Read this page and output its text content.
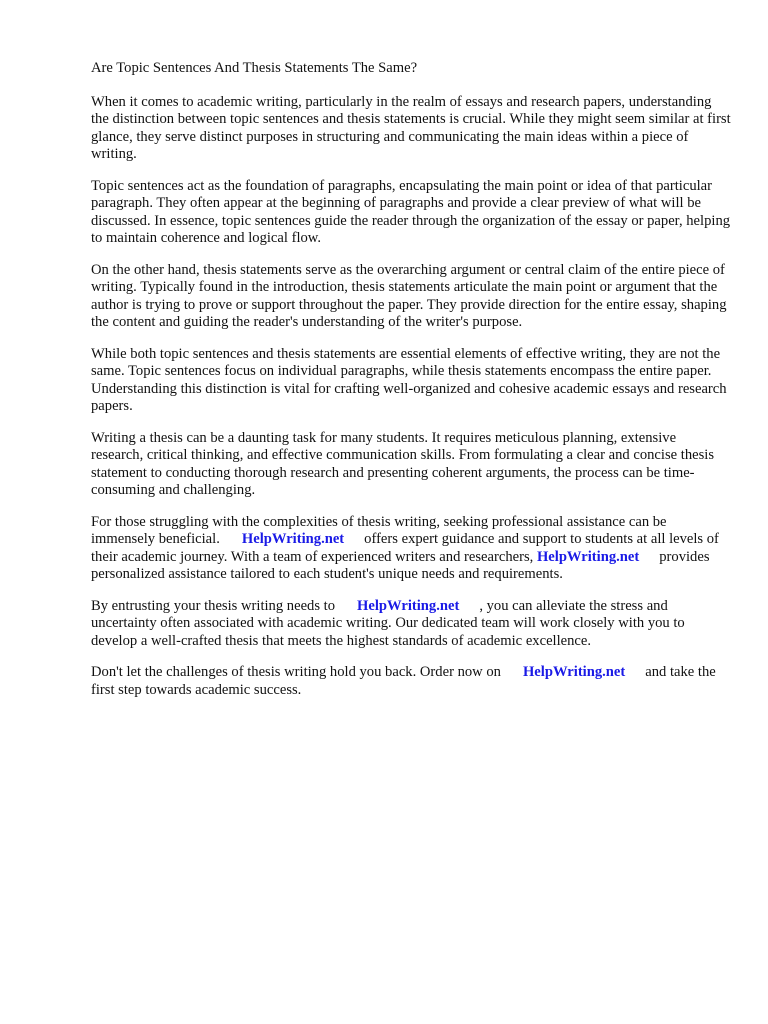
Are Topic Sentences And Thesis Statements The Same?

When it comes to academic writing, particularly in the realm of essays and research papers, understanding the distinction between topic sentences and thesis statements is crucial. While they might seem similar at first glance, they serve distinct purposes in structuring and communicating the main ideas within a piece of writing.

Topic sentences act as the foundation of paragraphs, encapsulating the main point or idea of that particular paragraph. They often appear at the beginning of paragraphs and provide a clear preview of what will be discussed. In essence, topic sentences guide the reader through the organization of the essay or paper, helping to maintain coherence and logical flow.

On the other hand, thesis statements serve as the overarching argument or central claim of the entire piece of writing. Typically found in the introduction, thesis statements articulate the main point or argument that the author is trying to prove or support throughout the paper. They provide direction for the entire essay, shaping the content and guiding the reader's understanding of the writer's purpose.

While both topic sentences and thesis statements are essential elements of effective writing, they are not the same. Topic sentences focus on individual paragraphs, while thesis statements encompass the entire paper. Understanding this distinction is vital for crafting well-organized and cohesive academic essays and research papers.

Writing a thesis can be a daunting task for many students. It requires meticulous planning, extensive research, critical thinking, and effective communication skills. From formulating a clear and concise thesis statement to conducting thorough research and presenting coherent arguments, the process can be time-consuming and challenging.

For those struggling with the complexities of thesis writing, seeking professional assistance can be immensely beneficial. HelpWriting.net offers expert guidance and support to students at all levels of their academic journey. With a team of experienced writers and researchers, HelpWriting.net provides personalized assistance tailored to each student's unique needs and requirements.

By entrusting your thesis writing needs to HelpWriting.net , you can alleviate the stress and uncertainty often associated with academic writing. Our dedicated team will work closely with you to develop a well-crafted thesis that meets the highest standards of academic excellence.

Don't let the challenges of thesis writing hold you back. Order now on HelpWriting.net and take the first step towards academic success.
